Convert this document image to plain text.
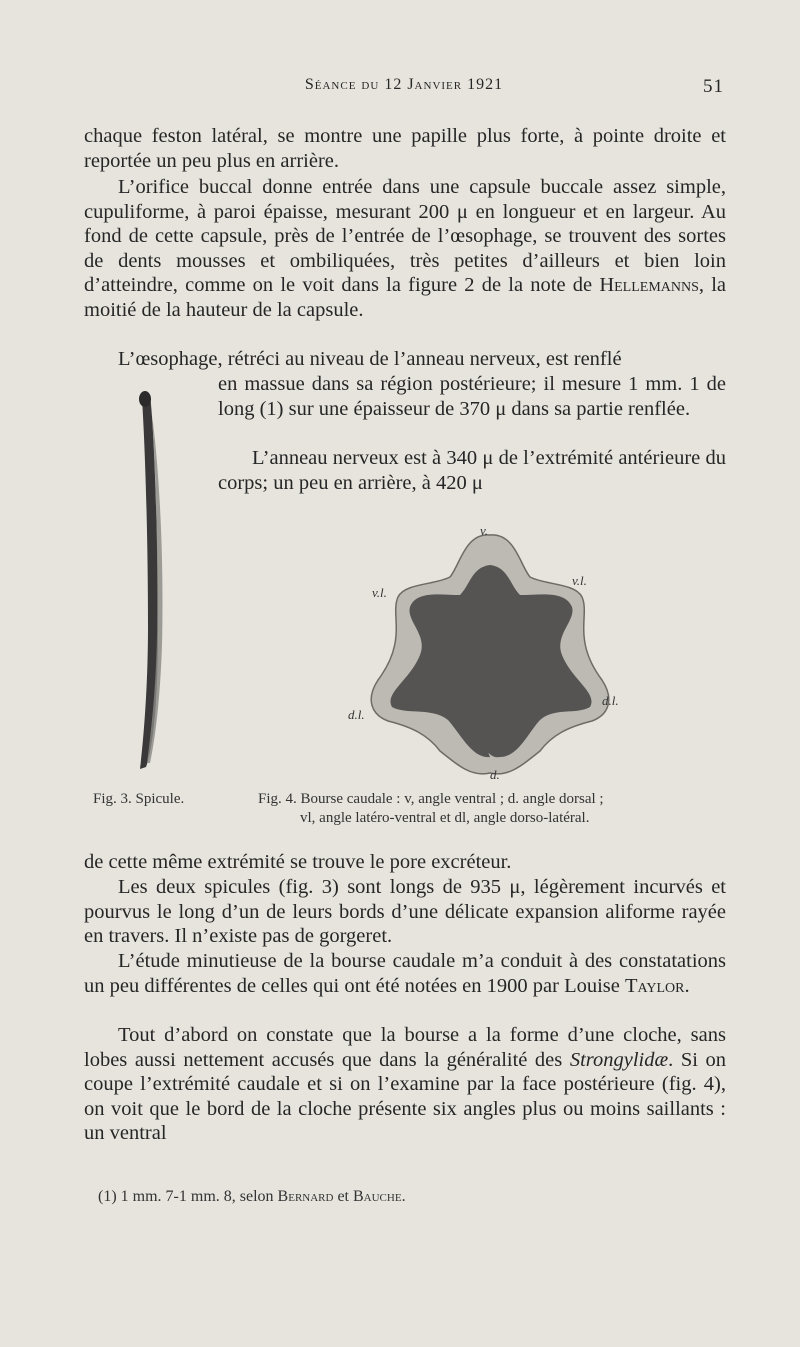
Séance du 12 Janvier 1921	51

chaque feston latéral, se montre une papille plus forte, à pointe droite et reportée un peu plus en arrière.

L’orifice buccal donne entrée dans une capsule buccale assez simple, cupuliforme, à paroi épaisse, mesurant 200 μ en longueur et en largeur. Au fond de cette capsule, près de l’entrée de l’œsophage, se trouvent des sortes de dents mousses et ombiliquées, très petites d’ailleurs et bien loin d’atteindre, comme on le voit dans la figure 2 de la note de Hellemanns, la moitié de la hauteur de la capsule.

L’œsophage, rétréci au niveau de l’anneau nerveux, est renflé

en massue dans sa région postérieure; il mesure 1 mm. 1 de long (1) sur une épaisseur de 370 μ dans sa partie renflée.

L’anneau nerveux est à 340 μ de l’extrémité antérieure du corps; un peu en arrière, à 420 μ

v.
v.l.
v.l.
d.l.
d.l.
d.
Fig. 3. Spicule.	Fig. 4. Bourse caudale : v, angle ventral ; d. angle dorsal ;
vl, angle latéro-ventral et dl, angle dorso-latéral.

de cette même extrémité se trouve le pore excréteur.

Les deux spicules (fig. 3) sont longs de 935 μ, légèrement incurvés et pourvus le long d’un de leurs bords d’une délicate expansion aliforme rayée en travers. Il n’existe pas de gorgeret.

L’étude minutieuse de la bourse caudale m’a conduit à des constatations un peu différentes de celles qui ont été notées en 1900 par Louise Taylor.

Tout d’abord on constate que la bourse a la forme d’une cloche, sans lobes aussi nettement accusés que dans la généralité des Strongylidæ. Si on coupe l’extrémité caudale et si on l’examine par la face postérieure (fig. 4), on voit que le bord de la cloche présente six angles plus ou moins saillants : un ventral

(1) 1 mm. 7-1 mm. 8, selon Bernard et Bauche.
